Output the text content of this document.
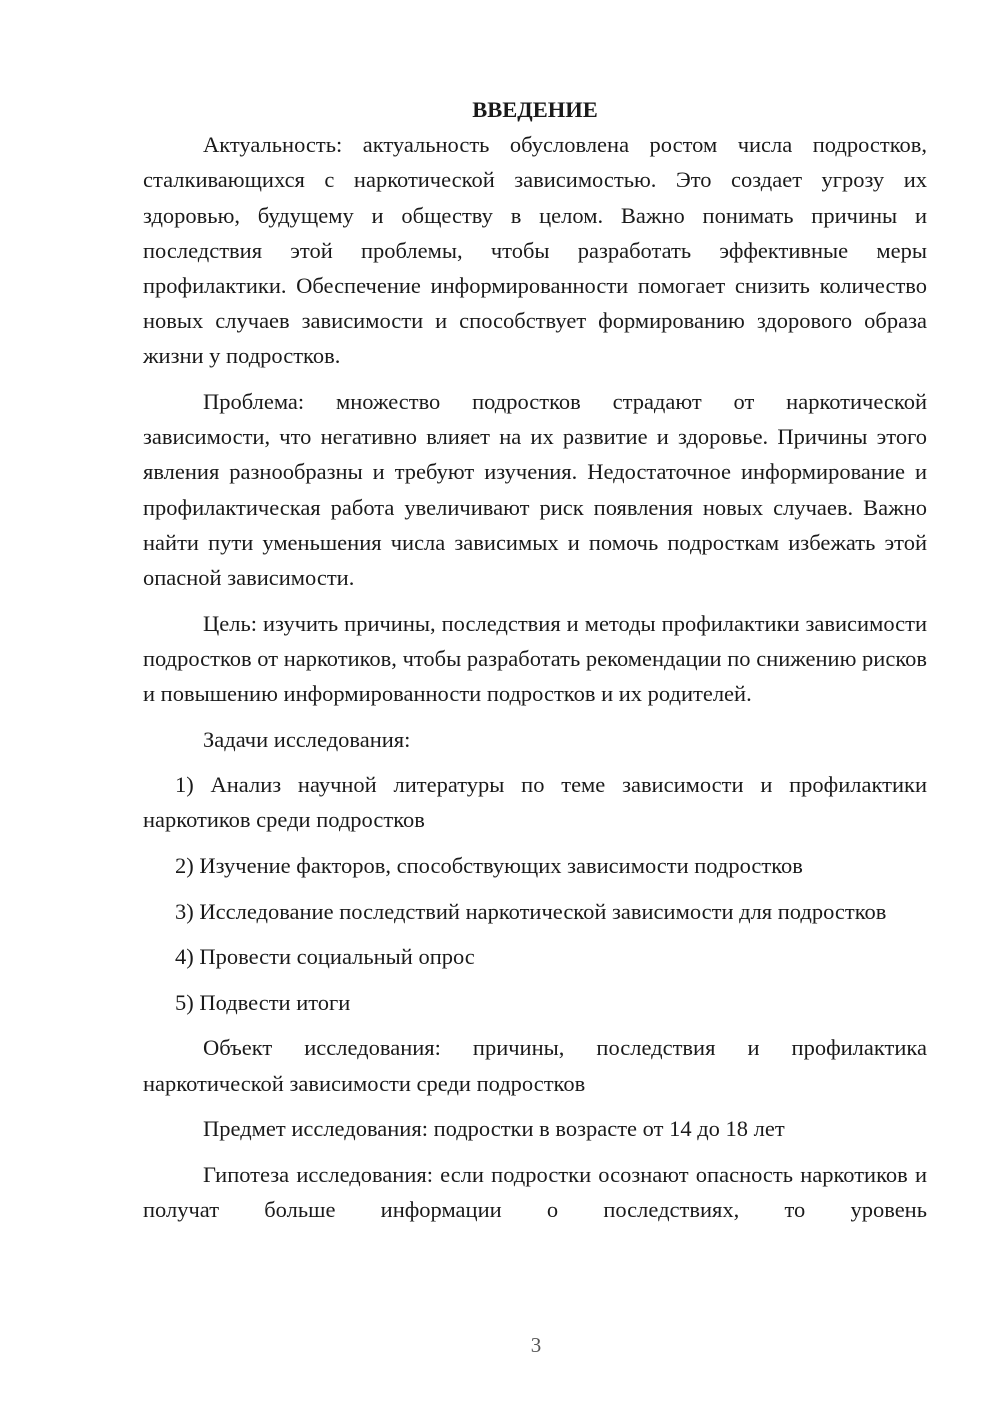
ВВЕДЕНИЕ

Актуальность: актуальность обусловлена ростом числа подростков, сталкивающихся с наркотической зависимостью. Это создает угрозу их здоровью, будущему и обществу в целом. Важно понимать причины и последствия этой проблемы, чтобы разработать эффективные меры профилактики. Обеспечение информированности помогает снизить количество новых случаев зависимости и способствует формированию здорового образа жизни у подростков.

Проблема: множество подростков страдают от наркотической зависимости, что негативно влияет на их развитие и здоровье. Причины этого явления разнообразны и требуют изучения. Недостаточное информирование и профилактическая работа увеличивают риск появления новых случаев. Важно найти пути уменьшения числа зависимых и помочь подросткам избежать этой опасной зависимости.

Цель: изучить причины, последствия и методы профилактики зависимости подростков от наркотиков, чтобы разработать рекомендации по снижению рисков и повышению информированности подростков и их родителей.

Задачи исследования:

1) Анализ научной литературы по теме зависимости и профилактики наркотиков среди подростков

2) Изучение факторов, способствующих зависимости подростков

3) Исследование последствий наркотической зависимости для подростков

4) Провести социальный опрос

5) Подвести итоги

Объект исследования: причины, последствия и профилактика наркотической зависимости среди подростков

Предмет исследования: подростки в возрасте от 14 до 18 лет

Гипотеза исследования: если подростки осознают опасность наркотиков и получат больше информации о последствиях, то уровень

3
